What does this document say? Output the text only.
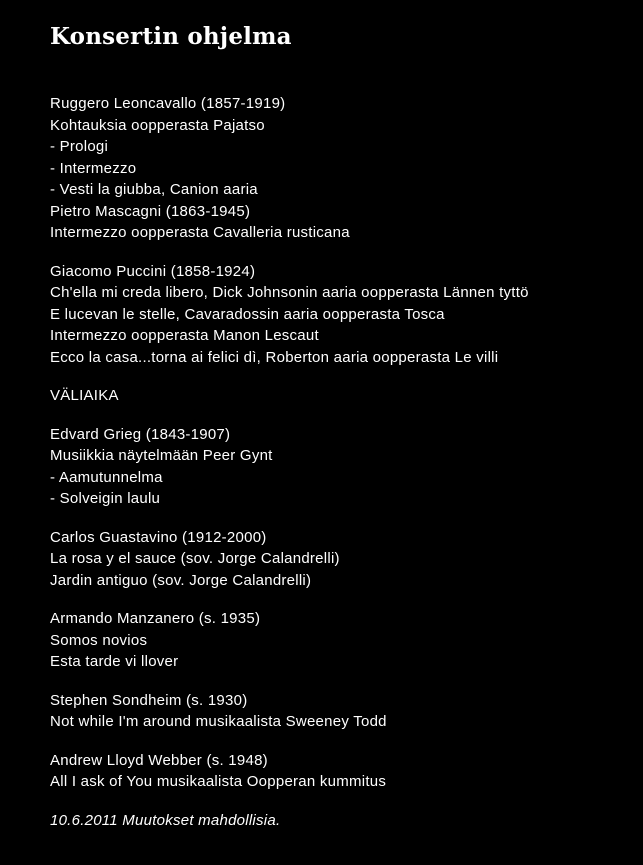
Konsertin ohjelma
Ruggero Leoncavallo (1857-1919)
Kohtauksia oopperasta Pajatso
- Prologi
- Intermezzo
- Vesti la giubba, Canion aaria
Pietro Mascagni (1863-1945)
Intermezzo oopperasta Cavalleria rusticana
Giacomo Puccini (1858-1924)
Ch'ella mi creda libero, Dick Johnsonin aaria oopperasta Lännen tyttö
E lucevan le stelle, Cavaradossin aaria oopperasta Tosca
Intermezzo oopperasta Manon Lescaut
Ecco la casa...torna ai felici dì, Roberton aaria oopperasta Le villi
VÄLIAIKA
Edvard Grieg (1843-1907)
Musiikkia näytelmään Peer Gynt
- Aamutunnelma
- Solveigin laulu
Carlos Guastavino (1912-2000)
La rosa y el sauce (sov. Jorge Calandrelli)
Jardin antiguo (sov. Jorge Calandrelli)
Armando Manzanero (s. 1935)
Somos novios
Esta tarde vi llover
Stephen Sondheim (s. 1930)
Not while I'm around musikaalista Sweeney Todd
Andrew Lloyd Webber (s. 1948)
All I ask of You musikaalista Oopperan kummitus
10.6.2011 Muutokset mahdollisia.
